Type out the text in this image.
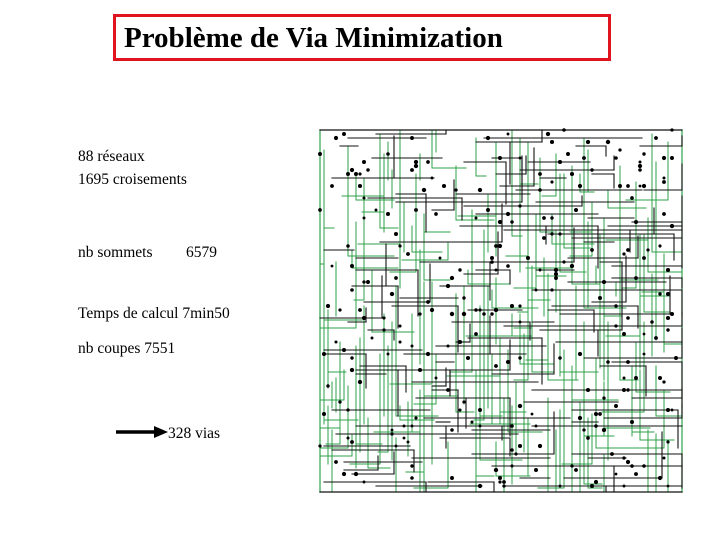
Problème de Via Minimization
88 réseaux
1695 croisements
nb sommets 6579
Temps de calcul 7min50
nb coupes 7551
328 vias
